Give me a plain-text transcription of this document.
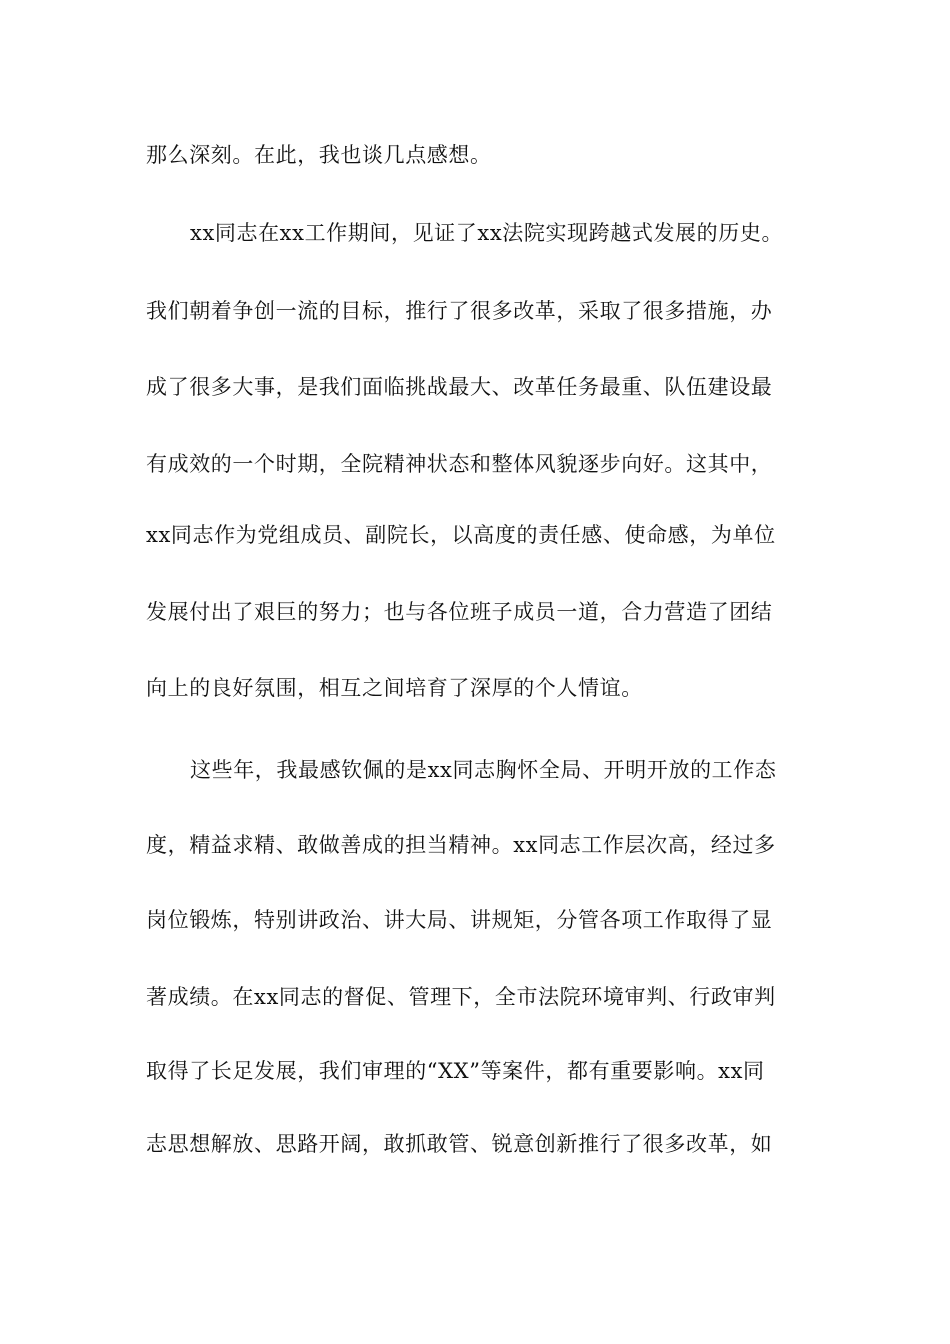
那么深刻。在此，我也谈几点感想。
xx同志在xx工作期间，见证了xx法院实现跨越式发展的历史。
我们朝着争创一流的目标，推行了很多改革，采取了很多措施，办
成了很多大事，是我们面临挑战最大、改革任务最重、队伍建设最
有成效的一个时期，全院精神状态和整体风貌逐步向好。这其中，
xx同志作为党组成员、副院长，以高度的责任感、使命感，为单位
发展付出了艰巨的努力；也与各位班子成员一道，合力营造了团结
向上的良好氛围，相互之间培育了深厚的个人情谊。
这些年，我最感钦佩的是xx同志胸怀全局、开明开放的工作态
度，精益求精、敢做善成的担当精神。xx同志工作层次高，经过多
岗位锻炼，特别讲政治、讲大局、讲规矩，分管各项工作取得了显
著成绩。在xx同志的督促、管理下，全市法院环境审判、行政审判
取得了长足发展，我们审理的“XX”等案件，都有重要影响。xx同
志思想解放、思路开阔，敢抓敢管、锐意创新推行了很多改革，如
